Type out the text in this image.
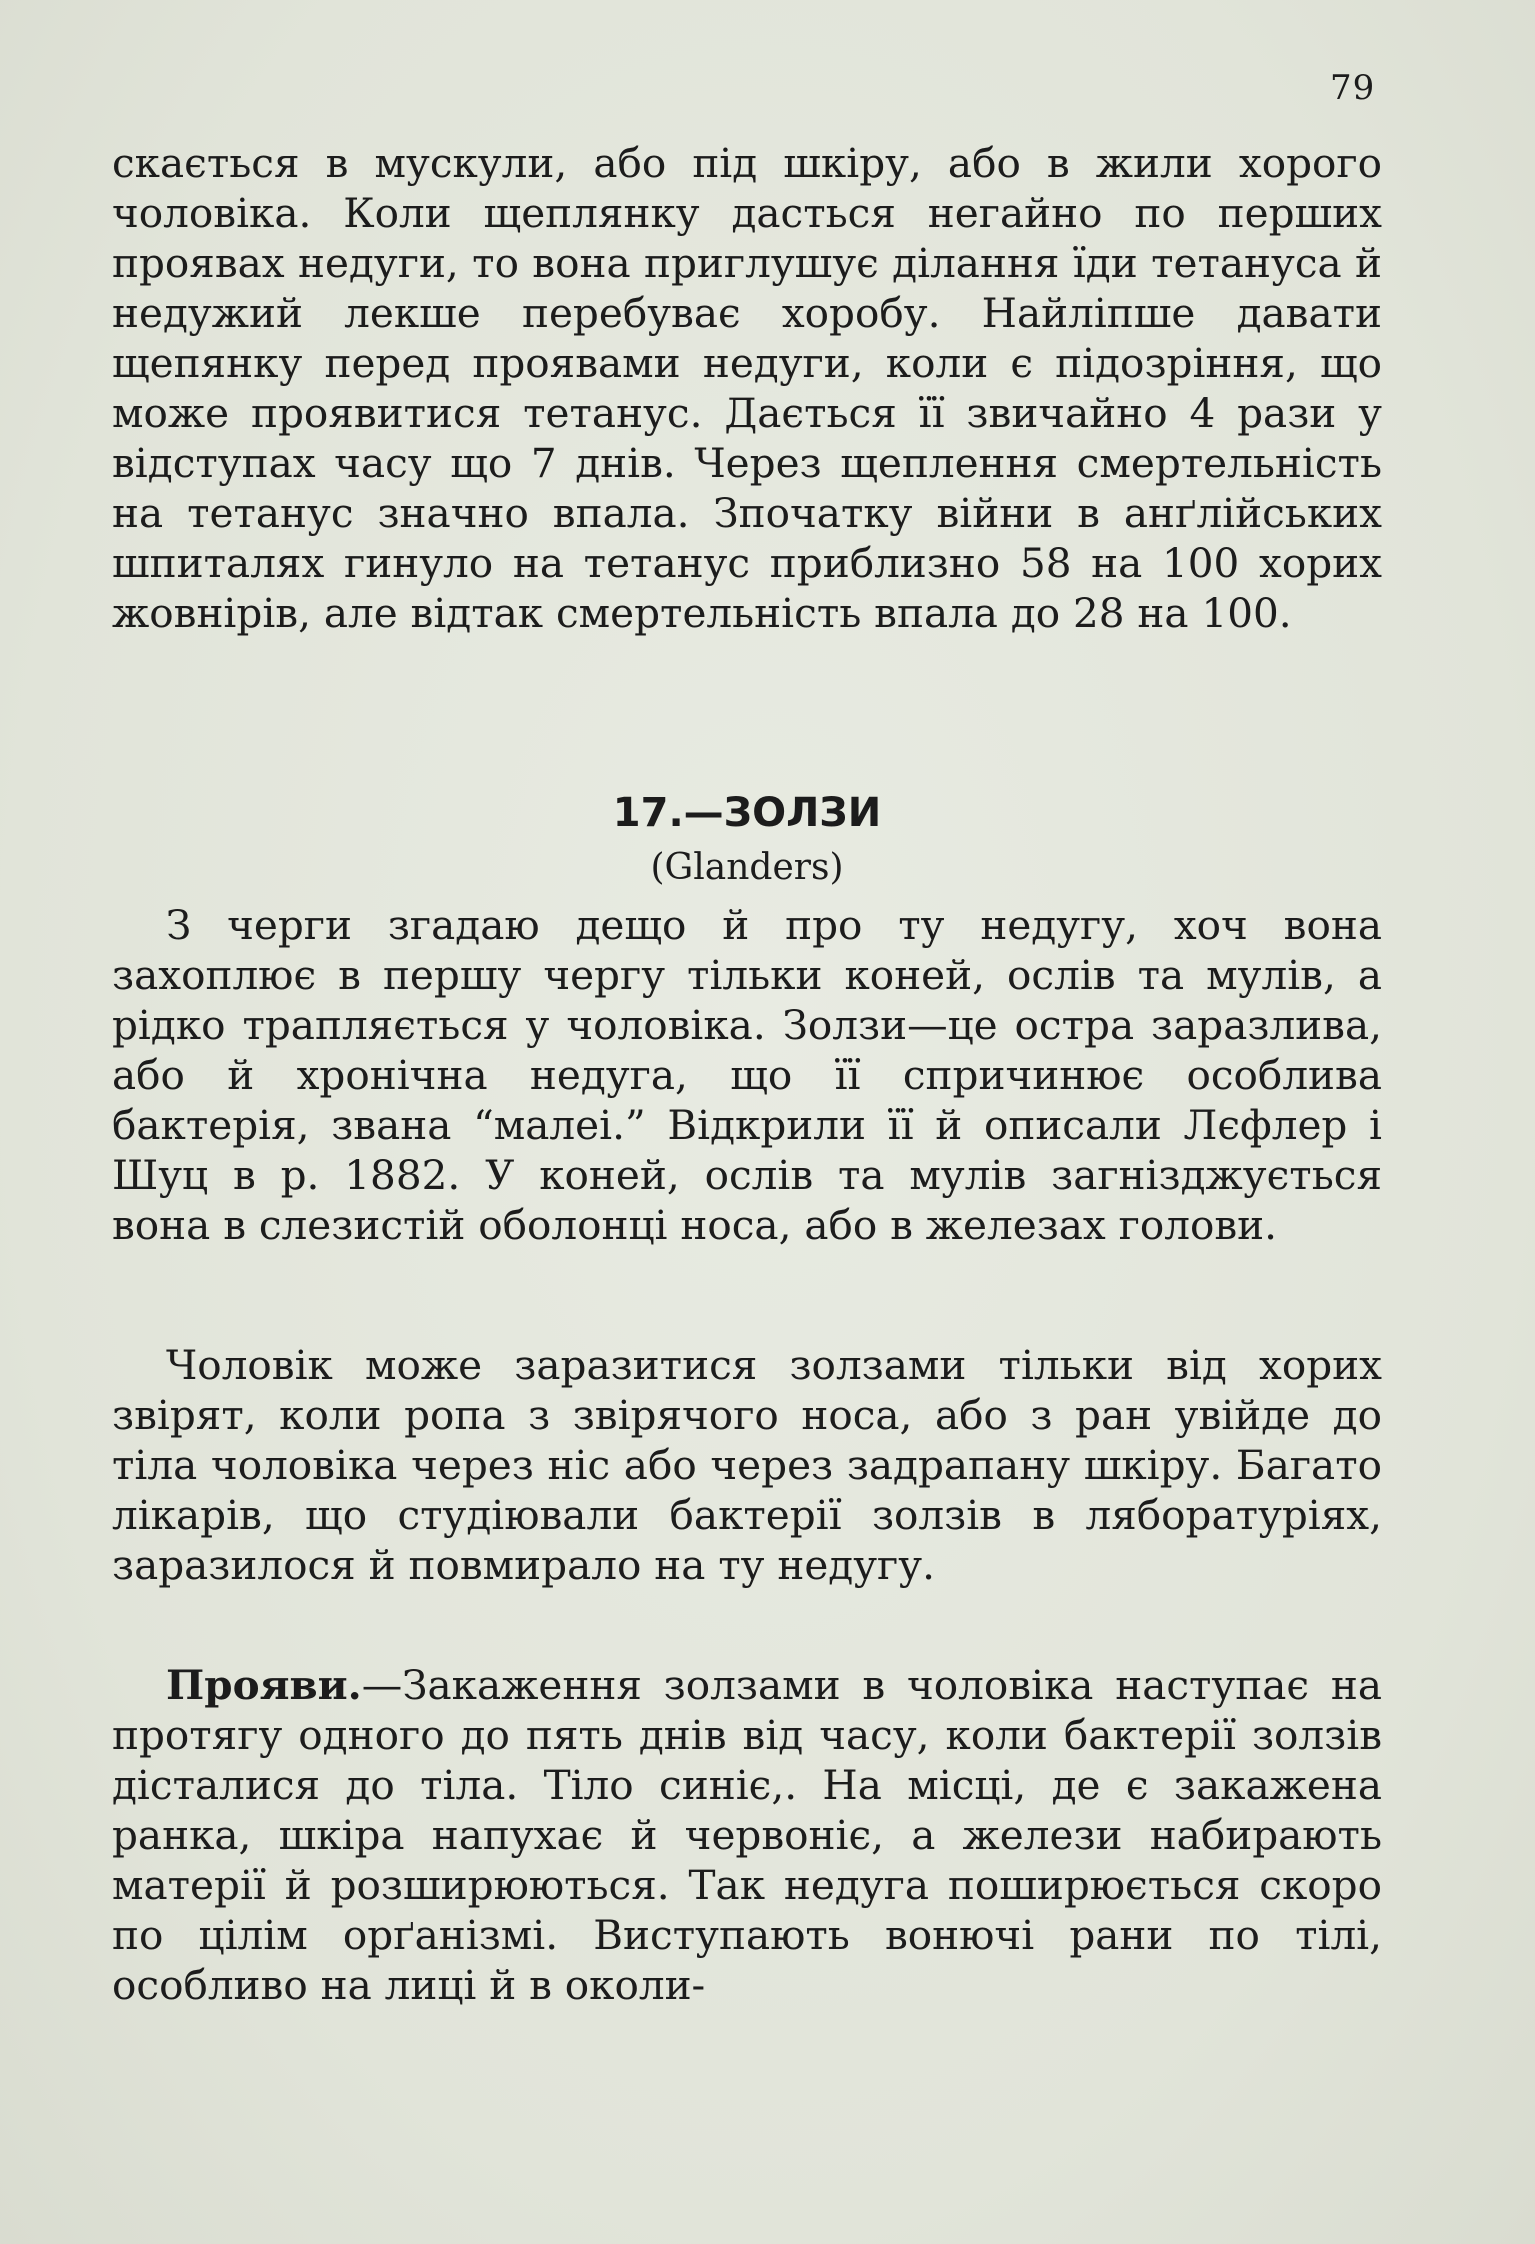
79

скається в мускули, або під шкіру, або в жили хорого чоловіка. Коли щеплянку дасться негайно по перших проявах недуги, то вона приглушує ділання їди тетануса й недужий лекше перебуває хоробу. Найліпше давати щепянку перед проявами недуги, коли є підозріння, що може проявитися тетанус. Дається її звичайно 4 рази у відступах часу що 7 днів. Через щеплення смертельність на тетанус значно впала. Зпочатку війни в анґлійських шпиталях гинуло на тетанус приблизно 58 на 100 хорих жовнірів, але відтак смертельність впала до 28 на 100.

17.—ЗОЛЗИ
(Glanders)

З черги згадаю дещо й про ту недугу, хоч вона захоплює в першу чергу тільки коней, ослів та мулів, а рідко трапляється у чоловіка. Золзи—це остра заразлива, або й хронічна недуга, що її спричинює особлива бактерія, звана “малеі.” Відкрили її й описали Лєфлер і Шуц в р. 1882. У коней, ослів та мулів загнізджується вона в слезистій оболонці носа, або в железах голови.

Чоловік може заразитися золзами тільки від хорих звірят, коли ропа з звірячого носа, або з ран увійде до тіла чоловіка через ніс або через задрапану шкіру. Багато лікарів, що студіювали бактерії золзів в ляборатуріях, заразилося й повмирало на ту недугу.

Прояви.—Закаження золзами в чоловіка наступає на протягу одного до пять днів від часу, коли бактерії золзів дісталися до тіла. Тіло синіє,. На місці, де є закажена ранка, шкіра напухає й червоніє, а желези набирають матерії й розширюються. Так недуга поширюється скоро по цілім орґанізмі. Виступають вонючі рани по тілі, особливо на лиці й в околи-
